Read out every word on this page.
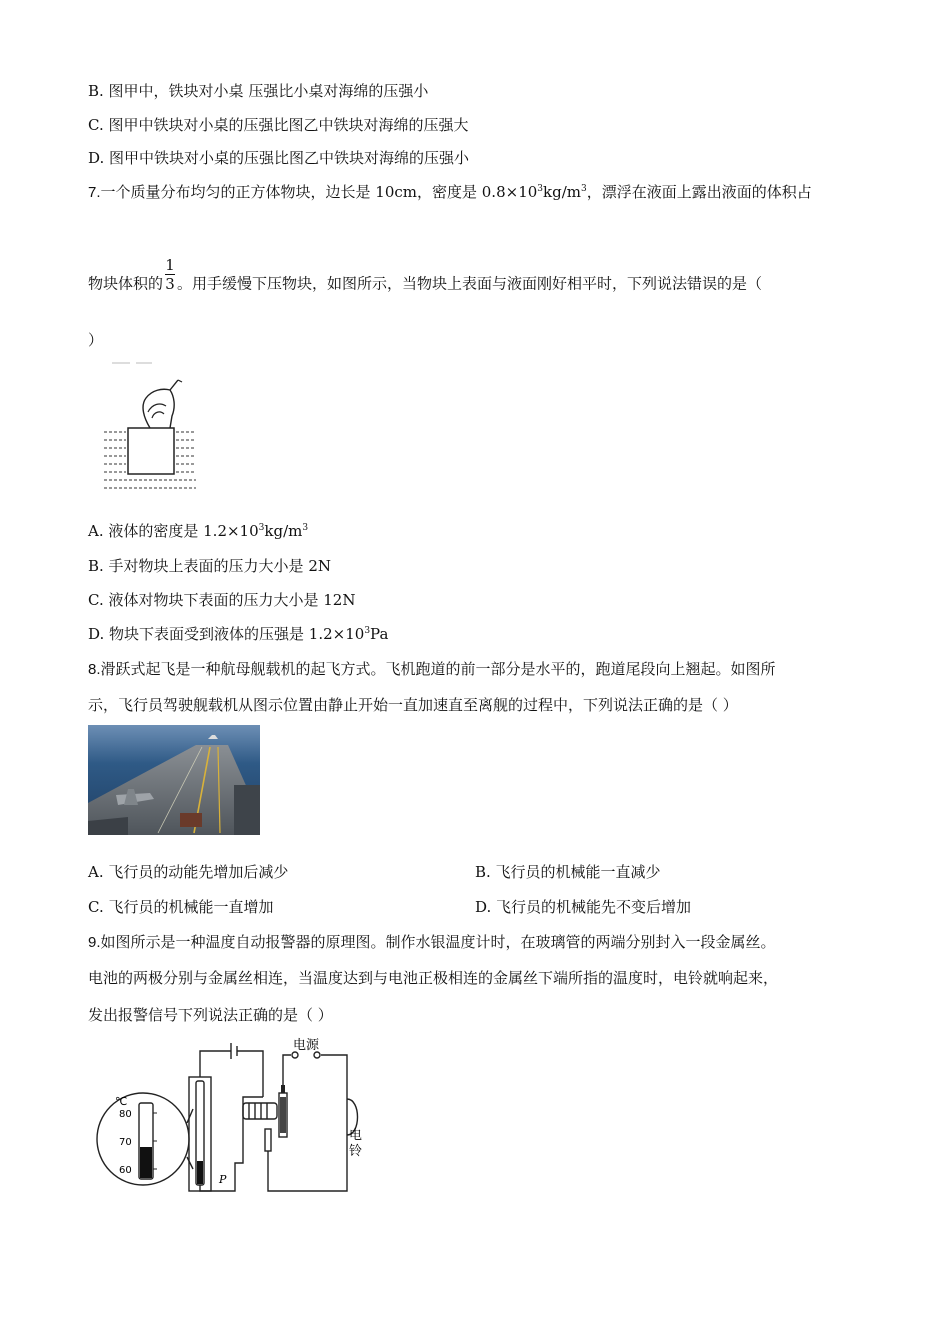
B. 图甲中，铁块对小桌 压强比小桌对海绵的压强小
C. 图甲中铁块对小桌的压强比图乙中铁块对海绵的压强大
D. 图甲中铁块对小桌的压强比图乙中铁块对海绵的压强小
7.一个质量分布均匀的正方体物块，边长是 10cm，密度是 $0.8\times 10^3kg/m^3$，漂浮在液面上露出液面的体积占
物块体积的 $\frac{1}{3}$ 。用手缓慢下压物块，如图所示，当物块上表面与液面刚好相平时，下列说法错误的是（
）
A. 液体的密度是 $1.2\times 10^3kg/m^3$
B. 手对物块上表面的压力大小是 2N
C. 液体对物块下表面的压力大小是 12N
D. 物块下表面受到液体的压强是 $1.2\times 10^3Pa$
8.滑跃式起飞是一种航母舰载机的起飞方式。飞机跑道的前一部分是水平的，跑道尾段向上翘起。如图所
示，飞行员驾驶舰载机从图示位置由静止开始一直加速直至离舰的过程中，下列说法正确的是（ ）
A. 飞行员的动能先增加后减少	B. 飞行员的机械能一直减少
C. 飞行员的机械能一直增加	D. 飞行员的机械能先不变后增加
9.如图所示是一种温度自动报警器的原理图。制作水银温度计时，在玻璃管的两端分别封入一段金属丝。
电池的两极分别与金属丝相连，当温度达到与电池正极相连的金属丝下端所指的温度时，电铃就响起来，
发出报警信号下列说法正确的是（ ）
℃
80
70
60
电源
电
铃
P
